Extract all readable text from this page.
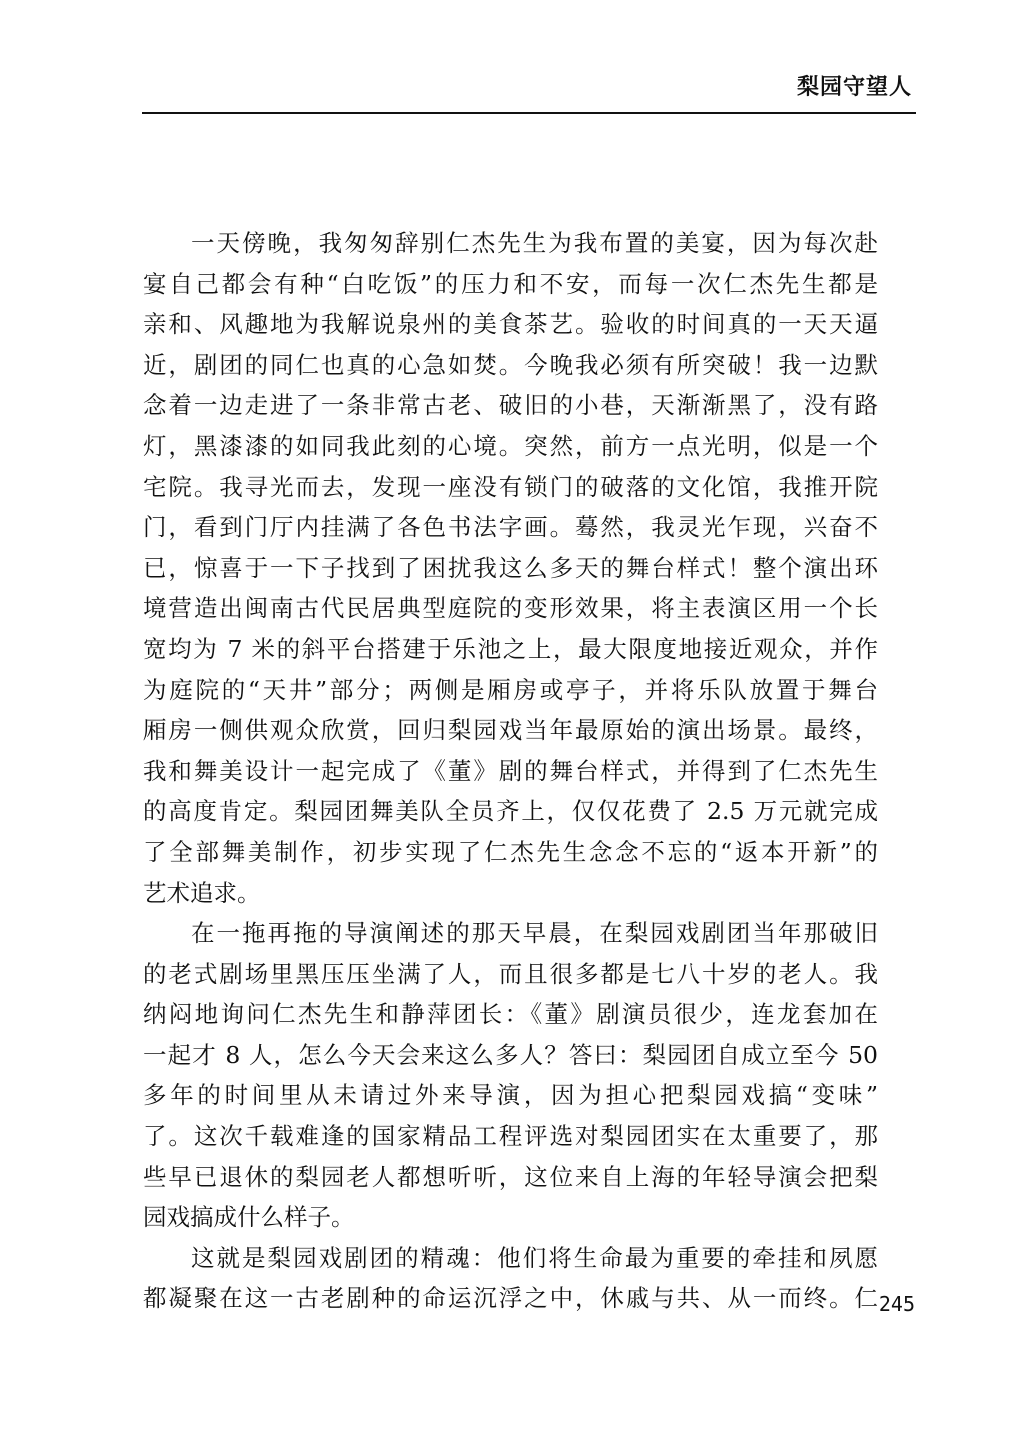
梨园守望人
一天傍晚，我匆匆辞别仁杰先生为我布置的美宴，因为每次赴
宴自己都会有种“白吃饭”的压力和不安，而每一次仁杰先生都是
亲和、风趣地为我解说泉州的美食茶艺。验收的时间真的一天天逼
近，剧团的同仁也真的心急如焚。今晚我必须有所突破！我一边默
念着一边走进了一条非常古老、破旧的小巷，天渐渐黑了，没有路
灯，黑漆漆的如同我此刻的心境。突然，前方一点光明，似是一个
宅院。我寻光而去，发现一座没有锁门的破落的文化馆，我推开院
门，看到门厅内挂满了各色书法字画。蓦然，我灵光乍现，兴奋不
已，惊喜于一下子找到了困扰我这么多天的舞台样式！整个演出环
境营造出闽南古代民居典型庭院的变形效果，将主表演区用一个长
宽均为 7 米的斜平台搭建于乐池之上，最大限度地接近观众，并作
为庭院的“天井”部分；两侧是厢房或亭子，并将乐队放置于舞台
厢房一侧供观众欣赏，回归梨园戏当年最原始的演出场景。最终，
我和舞美设计一起完成了《董》剧的舞台样式，并得到了仁杰先生
的高度肯定。梨园团舞美队全员齐上，仅仅花费了 2.5 万元就完成
了全部舞美制作，初步实现了仁杰先生念念不忘的“返本开新”的
艺术追求。
在一拖再拖的导演阐述的那天早晨，在梨园戏剧团当年那破旧
的老式剧场里黑压压坐满了人，而且很多都是七八十岁的老人。我
纳闷地询问仁杰先生和静萍团长：《董》剧演员很少，连龙套加在
一起才 8 人，怎么今天会来这么多人？答曰：梨园团自成立至今 50
多年的时间里从未请过外来导演，因为担心把梨园戏搞“变味”
了。这次千载难逢的国家精品工程评选对梨园团实在太重要了，那
些早已退休的梨园老人都想听听，这位来自上海的年轻导演会把梨
园戏搞成什么样子。
这就是梨园戏剧团的精魂：他们将生命最为重要的牵挂和夙愿
都凝聚在这一古老剧种的命运沉浮之中，休戚与共、从一而终。仁 245
